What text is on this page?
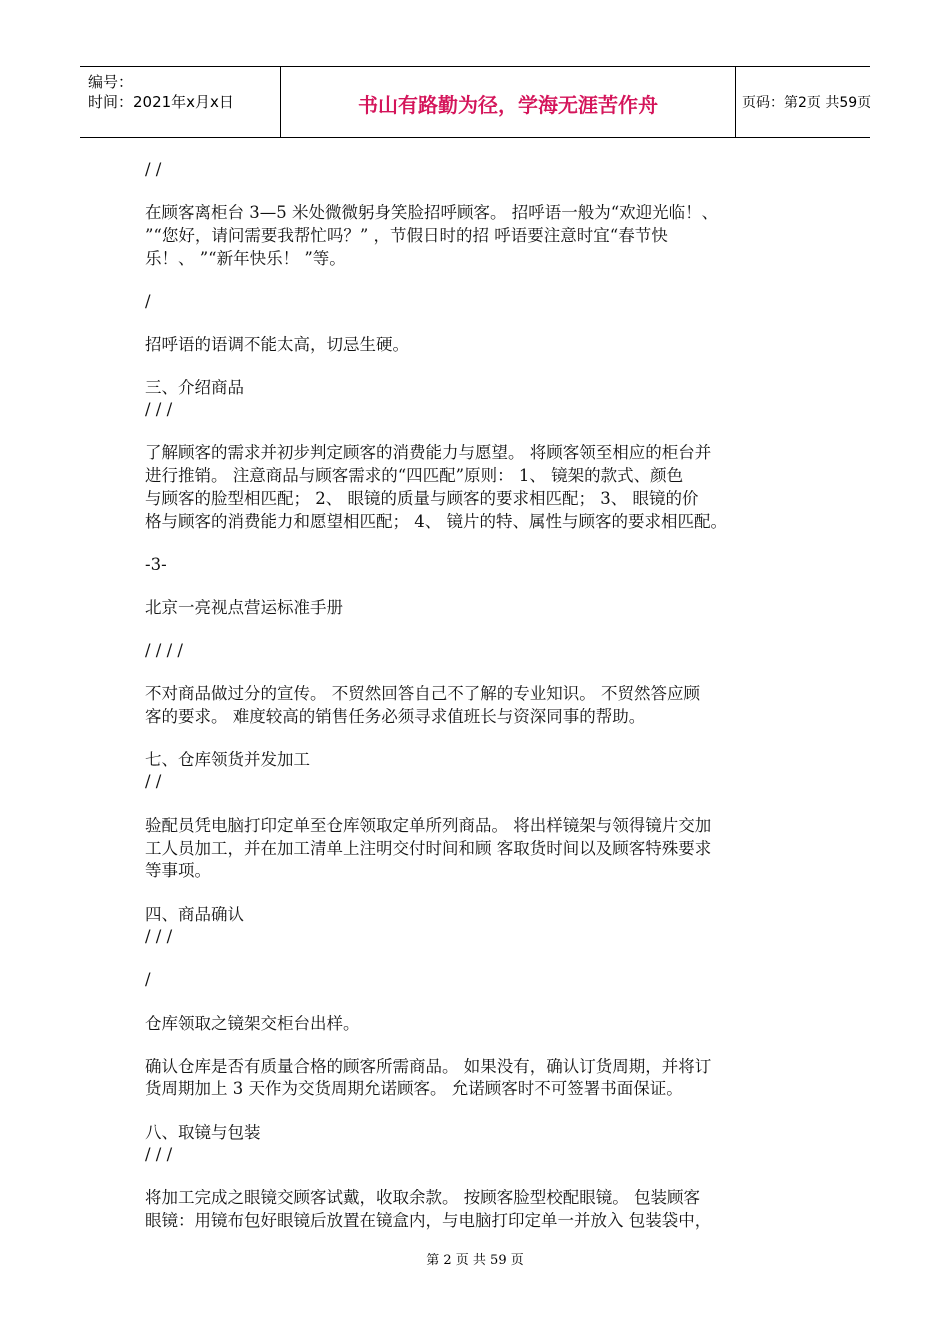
编号：
时间：2021年x月x日	书山有路勤为径，学海无涯苦作舟	页码：第2页 共59页
/ /
在顾客离柜台 3—5 米处微微躬身笑脸招呼顾客。 招呼语一般为“欢迎光临！、
”“您好，请问需要我帮忙吗？” ，节假日时的招 呼语要注意时宜“春节快
乐！、 ”“新年快乐！ ”等。
/
招呼语的语调不能太高，切忌生硬。
三、介绍商品
/ / /
了解顾客的需求并初步判定顾客的消费能力与愿望。 将顾客领至相应的柜台并
进行推销。 注意商品与顾客需求的“四匹配”原则： 1、 镜架的款式、颜色
与顾客的脸型相匹配； 2、 眼镜的质量与顾客的要求相匹配； 3、 眼镜的价
格与顾客的消费能力和愿望相匹配； 4、 镜片的特、属性与顾客的要求相匹配。
-3-
北京一亮视点营运标准手册
/ / / /
不对商品做过分的宣传。 不贸然回答自己不了解的专业知识。 不贸然答应顾
客的要求。 难度较高的销售任务必须寻求值班长与资深同事的帮助。
七、仓库领货并发加工
/ /
验配员凭电脑打印定单至仓库领取定单所列商品。 将出样镜架与领得镜片交加
工人员加工，并在加工清单上注明交付时间和顾 客取货时间以及顾客特殊要求
等事项。
四、商品确认
/ / /
/
仓库领取之镜架交柜台出样。
确认仓库是否有质量合格的顾客所需商品。 如果没有，确认订货周期，并将订
货周期加上 3 天作为交货周期允诺顾客。 允诺顾客时不可签署书面保证。
八、取镜与包装
/ / /
将加工完成之眼镜交顾客试戴，收取余款。 按顾客脸型校配眼镜。 包装顾客
眼镜：用镜布包好眼镜后放置在镜盒内，与电脑打印定单一并放入 包装袋中，
第 2 页 共 59 页
